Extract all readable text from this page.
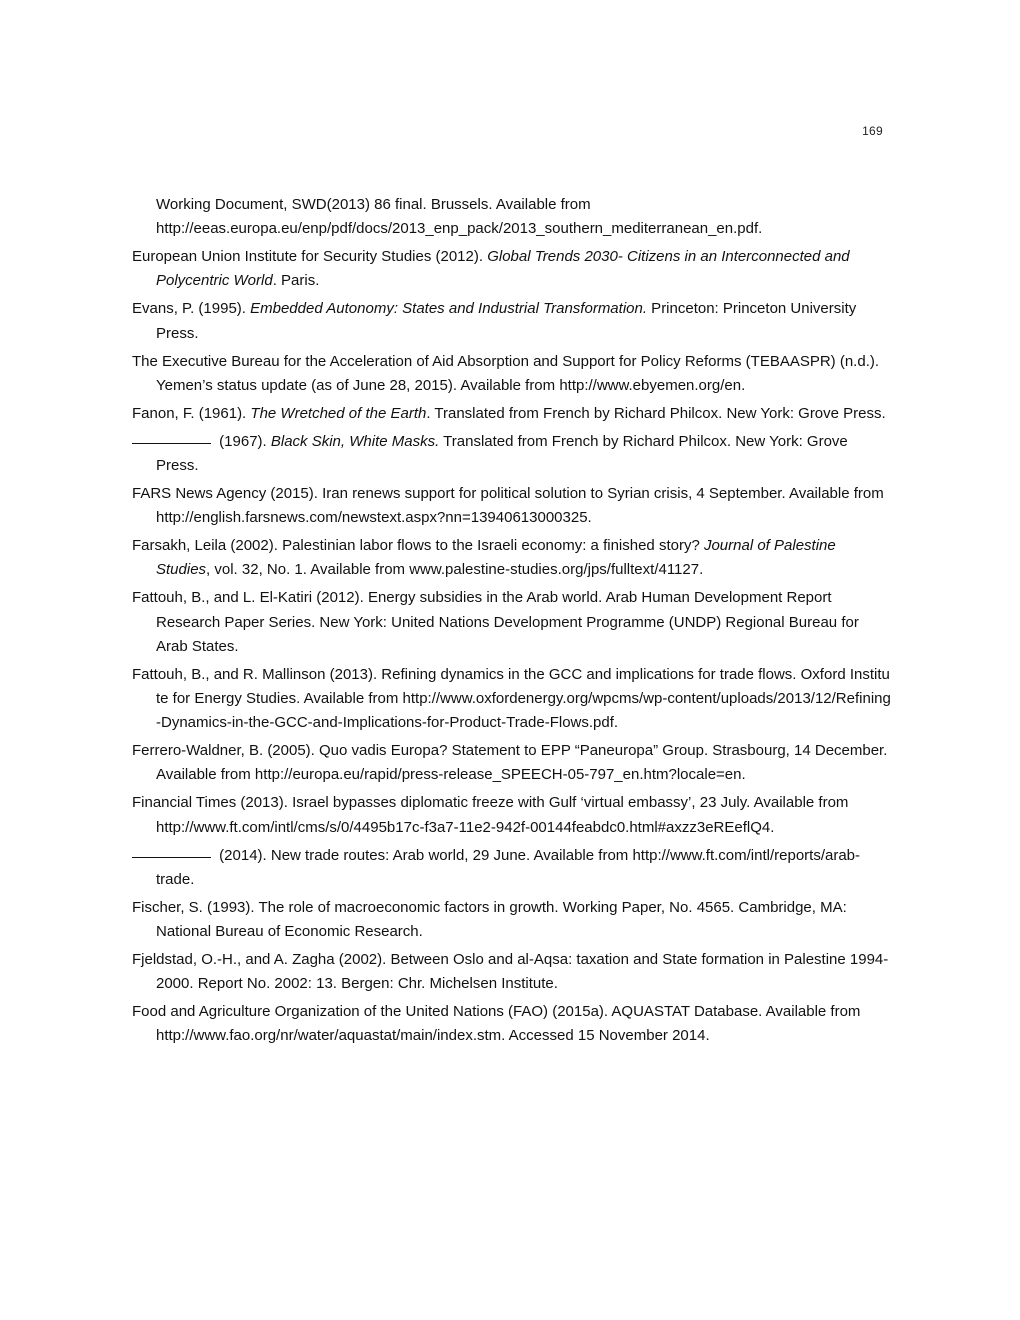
169

Working Document, SWD(2013) 86 final. Brussels. Available from http://eeas.europa.eu/enp/pdf/docs/2013_enp_pack/2013_southern_mediterranean_en.pdf.

European Union Institute for Security Studies (2012). Global Trends 2030- Citizens in an Interconnected and Polycentric World. Paris.

Evans, P. (1995). Embedded Autonomy: States and Industrial Transformation. Princeton: Princeton University Press.

The Executive Bureau for the Acceleration of Aid Absorption and Support for Policy Reforms (TEBAASPR) (n.d.). Yemen’s status update (as of June 28, 2015). Available from http://www.ebyemen.org/en.

Fanon, F. (1961). The Wretched of the Earth. Translated from French by Richard Philcox. New York: Grove Press.

(1967). Black Skin, White Masks. Translated from French by Richard Philcox. New York: Grove Press.

FARS News Agency (2015). Iran renews support for political solution to Syrian crisis, 4 September. Available from http://english.farsnews.com/newstext.aspx?nn=13940613000325.

Farsakh, Leila (2002). Palestinian labor flows to the Israeli economy: a finished story? Journal of Palestine Studies, vol. 32, No. 1. Available from www.palestine-studies.org/jps/fulltext/41127.

Fattouh, B., and L. El-Katiri (2012). Energy subsidies in the Arab world. Arab Human Development Report Research Paper Series. New York: United Nations Development Programme (UNDP) Regional Bureau for Arab States.

Fattouh, B., and R. Mallinson (2013). Refining dynamics in the GCC and implications for trade flows. Oxford Institute for Energy Studies. Available from http://www.oxfordenergy.org/wpcms/wp-content/uploads/2013/12/Refining-Dynamics-in-the-GCC-and-Implications-for-Product-Trade-Flows.pdf.

Ferrero-Waldner, B. (2005). Quo vadis Europa? Statement to EPP “Paneuropa” Group. Strasbourg, 14 December. Available from http://europa.eu/rapid/press-release_SPEECH-05-797_en.htm?locale=en.

Financial Times (2013). Israel bypasses diplomatic freeze with Gulf ‘virtual embassy’, 23 July. Available from http://www.ft.com/intl/cms/s/0/4495b17c-f3a7-11e2-942f-00144feabdc0.html#axzz3eREeflQ4.

(2014). New trade routes: Arab world, 29 June. Available from http://www.ft.com/intl/reports/arab-trade.

Fischer, S. (1993). The role of macroeconomic factors in growth. Working Paper, No. 4565. Cambridge, MA: National Bureau of Economic Research.

Fjeldstad, O.-H., and A. Zagha (2002). Between Oslo and al-Aqsa: taxation and State formation in Palestine 1994-2000. Report No. 2002: 13. Bergen: Chr. Michelsen Institute.

Food and Agriculture Organization of the United Nations (FAO) (2015a). AQUASTAT Database. Available from http://www.fao.org/nr/water/aquastat/main/index.stm. Accessed 15 November 2014.
